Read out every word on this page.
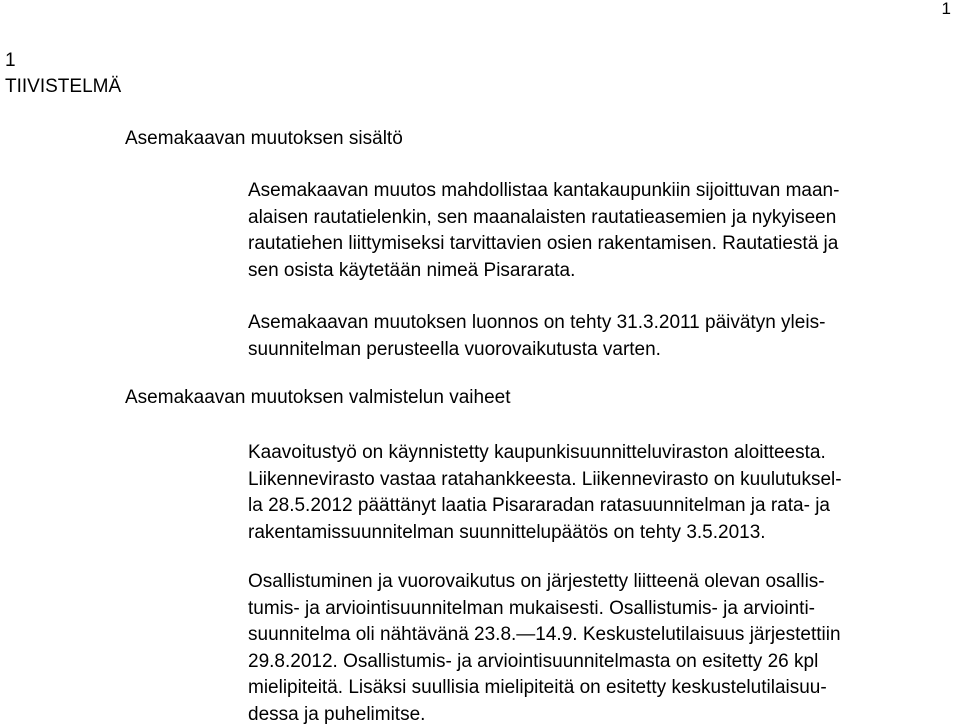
1
1
TIIVISTELMÄ
Asemakaavan muutoksen sisältö
Asemakaavan muutos mahdollistaa kantakaupunkiin sijoittuvan maan-
alaisen rautatielenkin, sen maanalaisten rautatieasemien ja nykyiseen
rautatiehen liittymiseksi tarvittavien osien rakentamisen. Rautatiestä ja
sen osista käytetään nimeä Pisararata.
Asemakaavan muutoksen luonnos on tehty 31.3.2011 päivätyn yleis-
suunnitelman perusteella vuorovaikutusta varten.
Asemakaavan muutoksen valmistelun vaiheet
Kaavoitustyö on käynnistetty kaupunkisuunnitteluviraston aloitteesta.
Liikennevirasto vastaa ratahankkeesta. Liikennevirasto on kuulutuksel-
la 28.5.2012 päättänyt laatia Pisararadan ratasuunnitelman ja rata- ja
rakentamissuunnitelman suunnittelupäätös on tehty 3.5.2013.
Osallistuminen ja vuorovaikutus on järjestetty liitteenä olevan osallis-
tumis- ja arviointisuunnitelman mukaisesti. Osallistumis- ja arviointi-
suunnitelma oli nähtävänä 23.8.—14.9. Keskustelutilaisuus järjestettiin
29.8.2012. Osallistumis- ja arviointisuunnitelmasta on esitetty 26 kpl
mielipiteitä. Lisäksi suullisia mielipiteitä on esitetty keskustelutilaisuu-
dessa ja puhelimitse.
